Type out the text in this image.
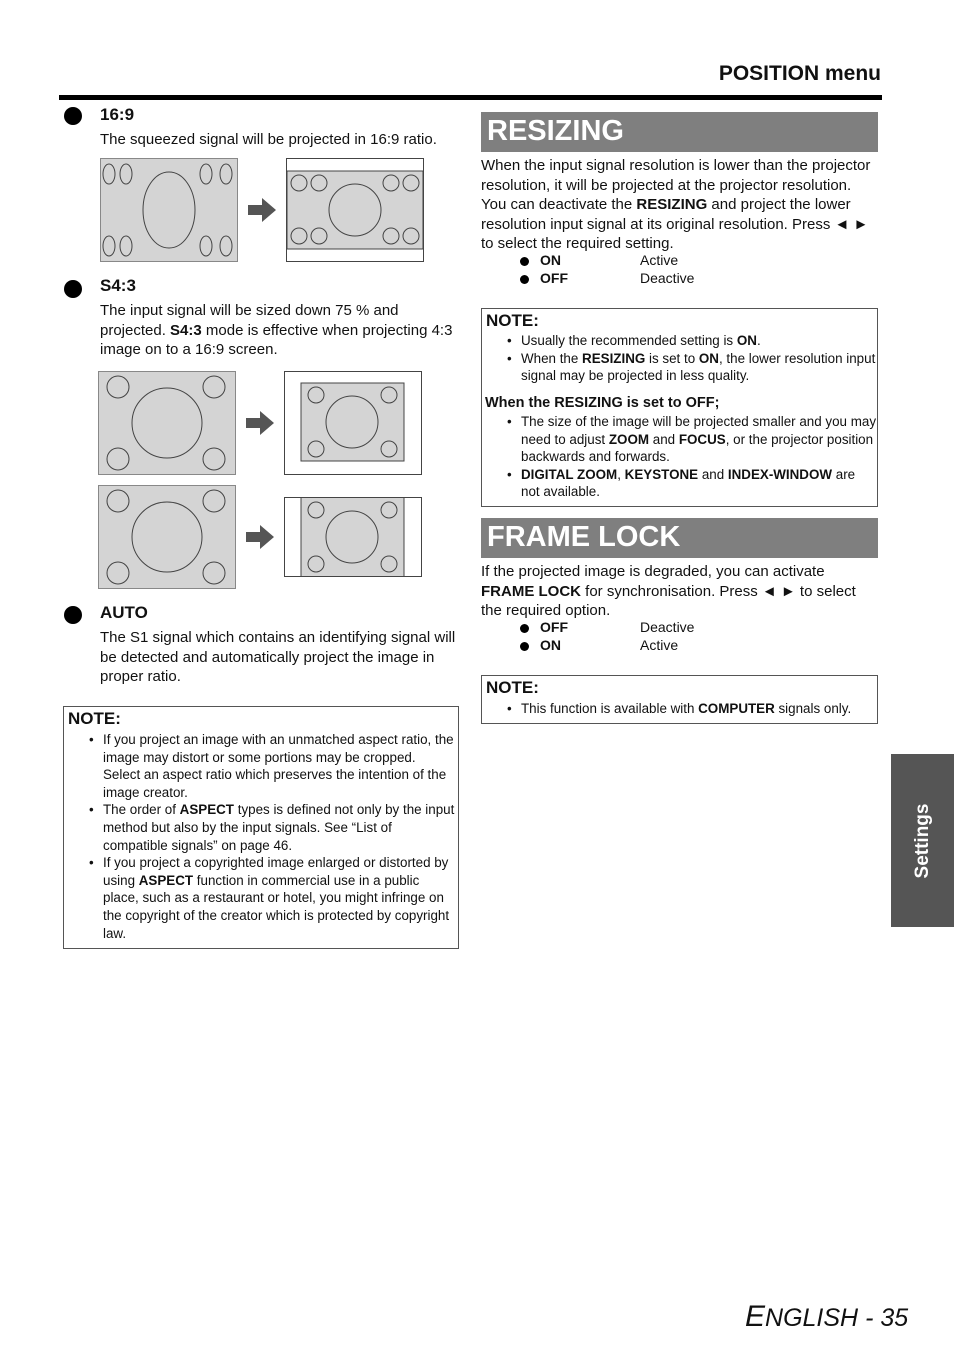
POSITION menu
16:9
The squeezed signal will be projected in 16:9 ratio.
S4:3
The input signal will be sized down 75 % and projected. S4:3 mode is effective when projecting 4:3 image on to a 16:9 screen.
AUTO
The S1 signal which contains an identifying signal will be detected and automatically project the image in proper ratio.
NOTE:
• If you project an image with an unmatched aspect ratio, the image may distort or some portions may be cropped. Select an aspect ratio which preserves the intention of the image creator.
• The order of ASPECT types is defined not only by the input method but also by the input signals. See “List of compatible signals” on page 46.
• If you project a copyrighted image enlarged or distorted by using ASPECT function in commercial use in a public place, such as a restaurant or hotel, you might infringe on the copyright of the creator which is protected by copyright law.
RESIZING
When the input signal resolution is lower than the projector resolution, it will be projected at the projector resolution. You can deactivate the RESIZING and project the lower resolution input signal at its original resolution. Press ◄ ► to select the required setting.
ON	Active
OFF	Deactive
NOTE:
• Usually the recommended setting is ON.
• When the RESIZING is set to ON, the lower resolution input signal may be projected in less quality.
When the RESIZING is set to OFF;
• The size of the image will be projected smaller and you may need to adjust ZOOM and FOCUS, or the projector position backwards and forwards.
• DIGITAL ZOOM, KEYSTONE and INDEX-WINDOW are not available.
FRAME LOCK
If the projected image is degraded, you can activate FRAME LOCK for synchronisation. Press ◄ ► to select the required option.
OFF	Deactive
ON	Active
NOTE:
• This function is available with COMPUTER signals only.
Settings
ENGLISH - 35
